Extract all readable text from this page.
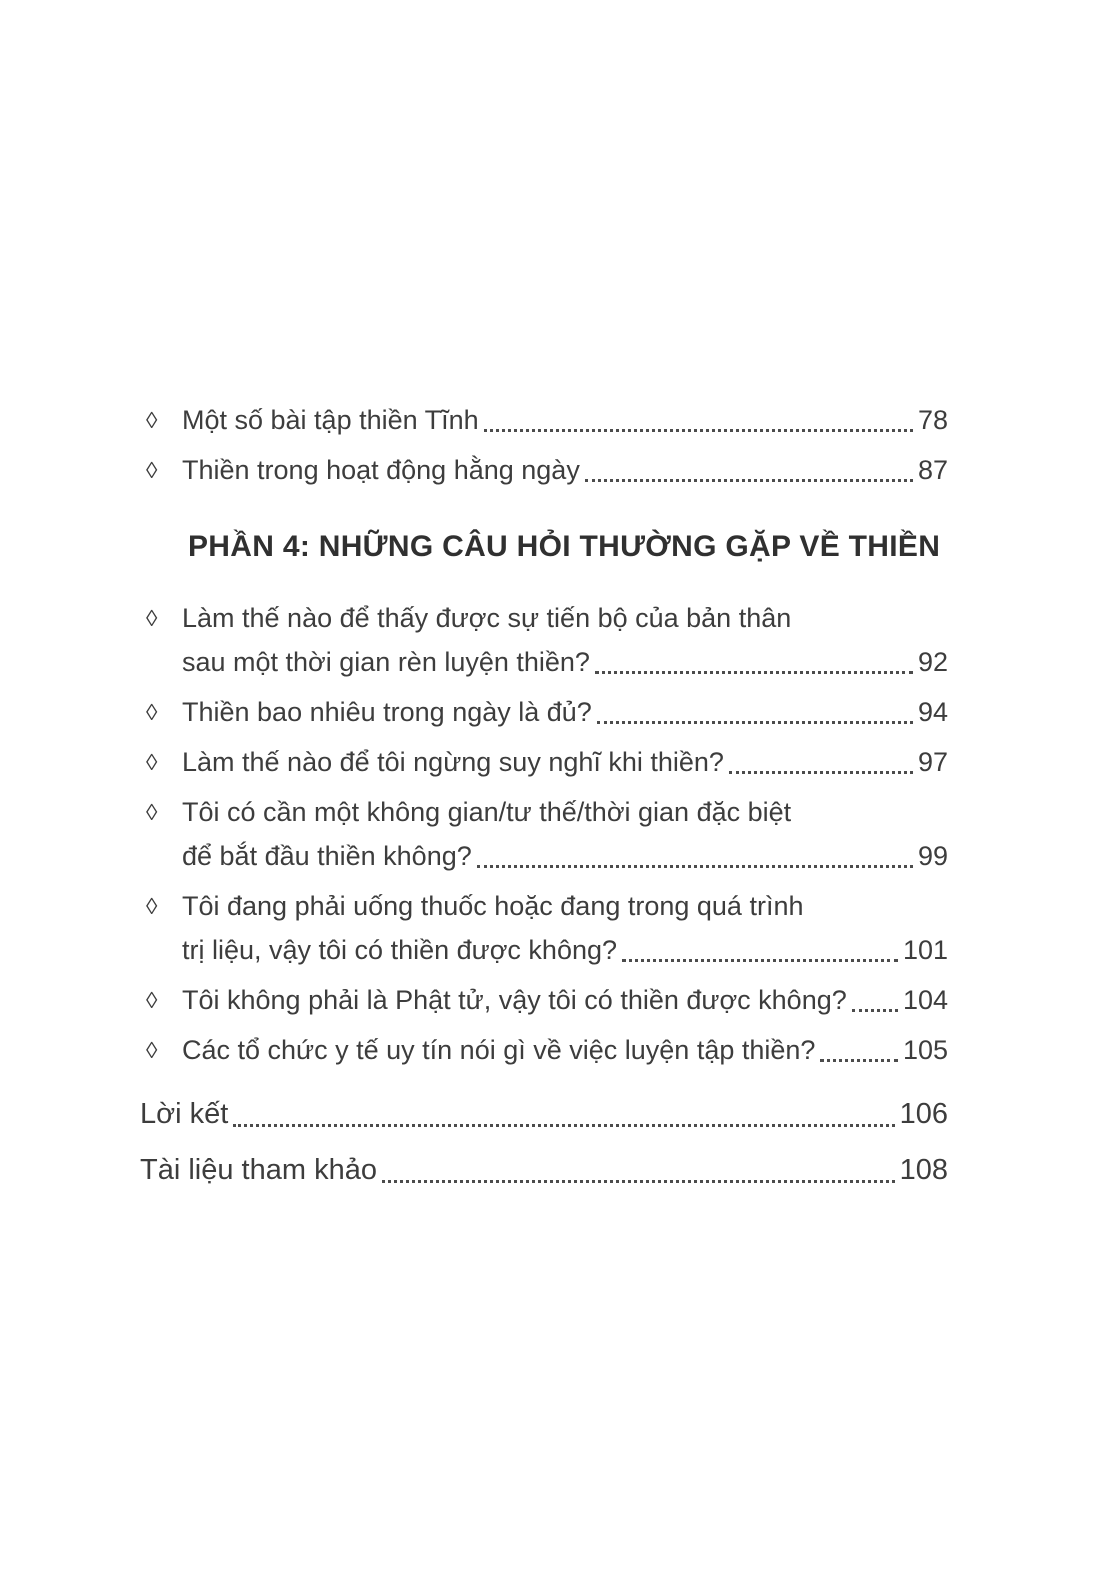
◊ Một số bài tập thiền Tĩnh	78
◊ Thiền trong hoạt động hằng ngày	87
PHẦN 4: NHỮNG CÂU HỎI THƯỜNG GẶP VỀ THIỀN
◊ Làm thế nào để thấy được sự tiến bộ của bản thân
sau một thời gian rèn luyện thiền?	92
◊ Thiền bao nhiêu trong ngày là đủ?	94
◊ Làm thế nào để tôi ngừng suy nghĩ khi thiền?	97
◊ Tôi có cần một không gian/tư thế/thời gian đặc biệt
để bắt đầu thiền không?	99
◊ Tôi đang phải uống thuốc hoặc đang trong quá trình
trị liệu, vậy tôi có thiền được không?	101
◊ Tôi không phải là Phật tử, vậy tôi có thiền được không? 104
◊ Các tổ chức y tế uy tín nói gì về việc luyện tập thiền?	105
Lời kết	106
Tài liệu tham khảo	108
